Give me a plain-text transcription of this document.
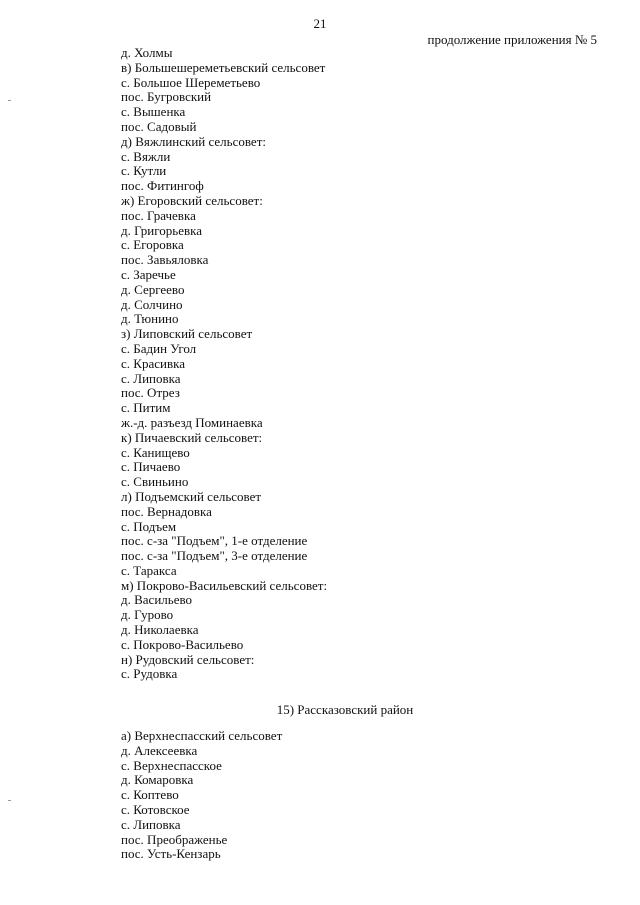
21
продолжение приложения № 5
д. Холмы
в) Большешереметьевский сельсовет
с. Большое Шереметьево
пос. Бугровский
с. Вышенка
пос. Садовый
д) Вяжлинский сельсовет:
с. Вяжли
с. Кутли
пос. Фитингоф
ж) Егоровский сельсовет:
пос. Грачевка
д. Григорьевка
с. Егоровка
пос. Завьяловка
с. Заречье
д. Сергеево
д. Солчино
д. Тюнино
з) Липовский сельсовет
с. Бадин Угол
с. Красивка
с. Липовка
пос. Отрез
с. Питим
ж.-д. разъезд Поминаевка
к) Пичаевский сельсовет:
с. Канищево
с. Пичаево
с. Свиньино
л) Подъемский сельсовет
пос. Вернадовка
с. Подъем
пос. с-за "Подъем", 1-е отделение
пос. с-за "Подъем", 3-е отделение
с. Таракса
м) Покрово-Васильевский сельсовет:
д. Васильево
д. Гурово
д. Николаевка
с. Покрово-Васильево
н) Рудовский сельсовет:
с. Рудовка
15) Рассказовский район
а) Верхнеспасский сельсовет
д. Алексеевка
с. Верхнеспасское
д. Комаровка
с. Коптево
с. Котовское
с. Липовка
пос. Преображенье
пос. Усть-Кензарь
